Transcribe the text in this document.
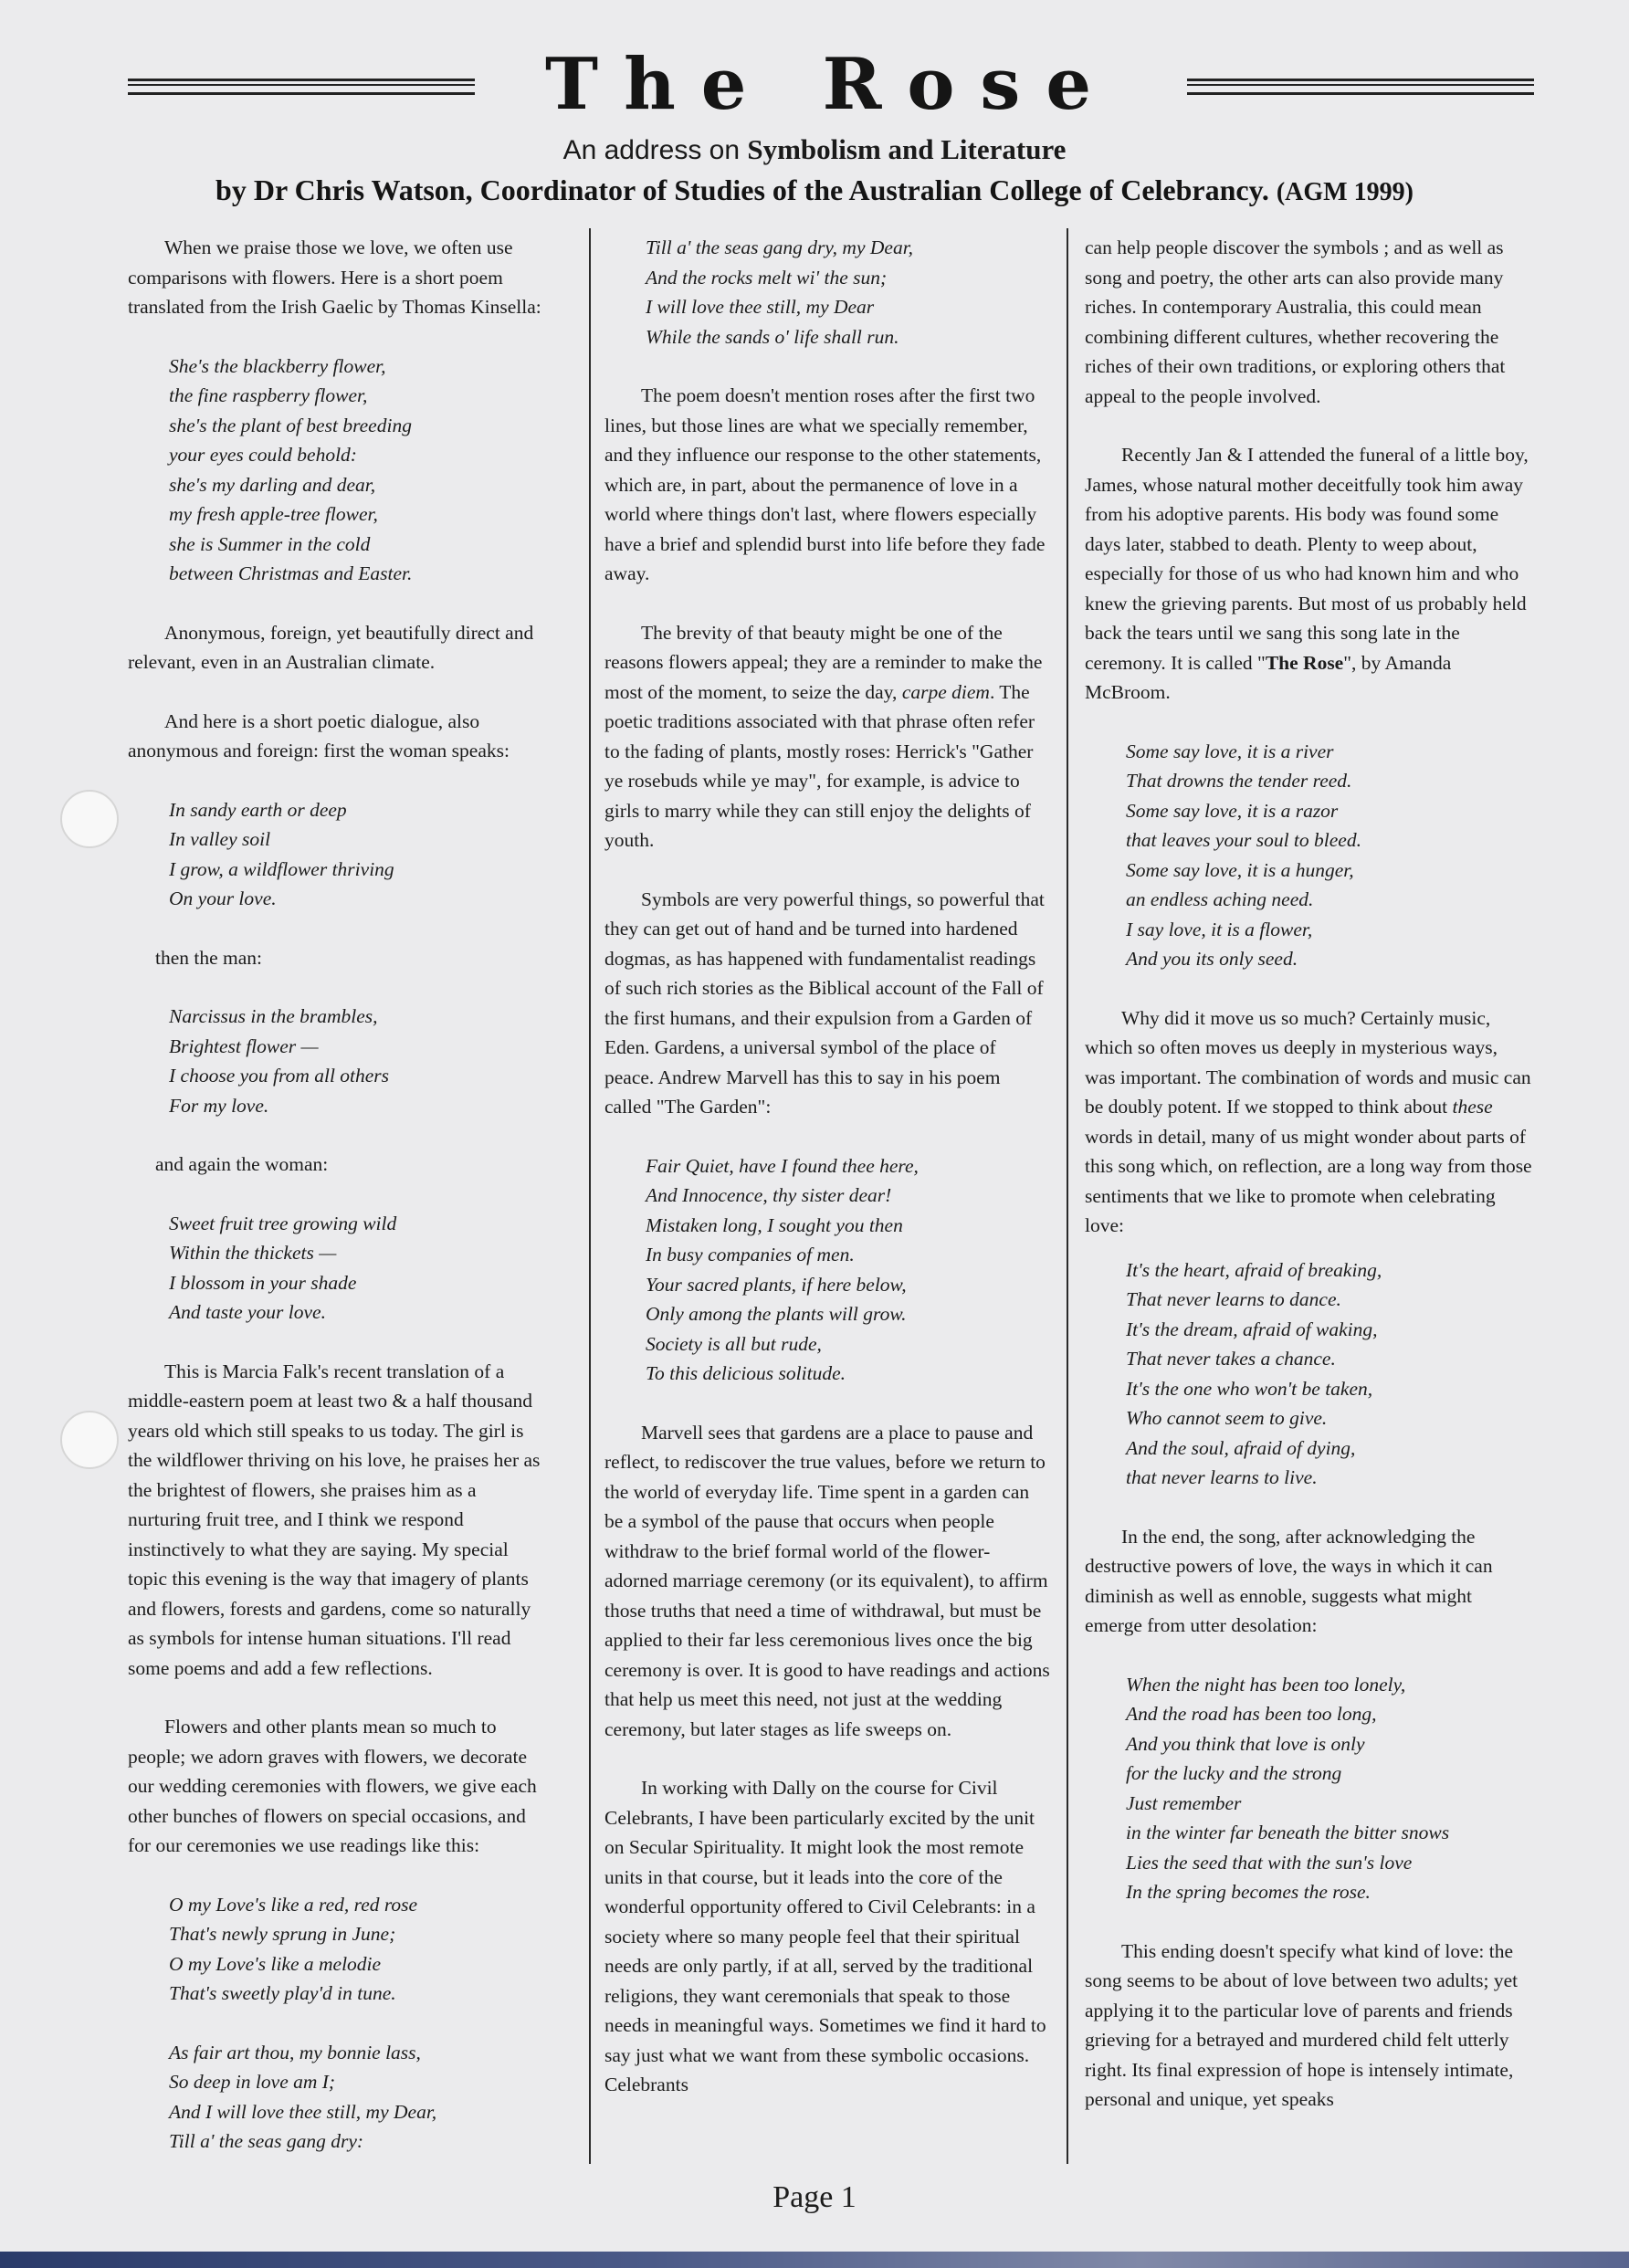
The Rose
An address on Symbolism and Literature
by Dr Chris Watson, Coordinator of Studies of the Australian College of Celebrancy. (AGM 1999)

When we praise those we love, we often use comparisons with flowers. Here is a short poem translated from the Irish Gaelic by Thomas Kinsella:

She's the blackberry flower,
the fine raspberry flower,
she's the plant of best breeding
your eyes could behold:
she's my darling and dear,
my fresh apple-tree flower,
she is Summer in the cold
between Christmas and Easter.

Anonymous, foreign, yet beautifully direct and relevant, even in an Australian climate.

And here is a short poetic dialogue, also anonymous and foreign: first the woman speaks:

In sandy earth or deep
In valley soil
I grow, a wildflower thriving
On your love.

then the man:

Narcissus in the brambles,
Brightest flower —
I choose you from all others
For my love.

and again the woman:

Sweet fruit tree growing wild
Within the thickets —
I blossom in your shade
And taste your love.

This is Marcia Falk's recent translation of a middle-eastern poem at least two & a half thousand years old which still speaks to us today. The girl is the wildflower thriving on his love, he praises her as the brightest of flowers, she praises him as a nurturing fruit tree, and I think we respond instinctively to what they are saying. My special topic this evening is the way that imagery of plants and flowers, forests and gardens, come so naturally as symbols for intense human situations. I'll read some poems and add a few reflections.

Flowers and other plants mean so much to people; we adorn graves with flowers, we decorate our wedding ceremonies with flowers, we give each other bunches of flowers on special occasions, and for our ceremonies we use readings like this:

O my Love's like a red, red rose
That's newly sprung in June;
O my Love's like a melodie
That's sweetly play'd in tune.
As fair art thou, my bonnie lass,
So deep in love am I;
And I will love thee still, my Dear,
Till a' the seas gang dry:
Till a' the seas gang dry, my Dear,
And the rocks melt wi' the sun;
I will love thee still, my Dear
While the sands o' life shall run.

The poem doesn't mention roses after the first two lines, but those lines are what we specially remember, and they influence our response to the other statements, which are, in part, about the permanence of love in a world where things don't last, where flowers especially have a brief and splendid burst into life before they fade away.

The brevity of that beauty might be one of the reasons flowers appeal; they are a reminder to make the most of the moment, to seize the day, carpe diem. The poetic traditions associated with that phrase often refer to the fading of plants, mostly roses: Herrick's "Gather ye rosebuds while ye may", for example, is advice to girls to marry while they can still enjoy the delights of youth.

Symbols are very powerful things, so powerful that they can get out of hand and be turned into hardened dogmas, as has happened with fundamentalist readings of such rich stories as the Biblical account of the Fall of the first humans, and their expulsion from a Garden of Eden. Gardens, a universal symbol of the place of peace. Andrew Marvell has this to say in his poem called "The Garden":

Fair Quiet, have I found thee here,
And Innocence, thy sister dear!
Mistaken long, I sought you then
In busy companies of men.
Your sacred plants, if here below,
Only among the plants will grow.
Society is all but rude,
To this delicious solitude.

Marvell sees that gardens are a place to pause and reflect, to rediscover the true values, before we return to the world of everyday life. Time spent in a garden can be a symbol of the pause that occurs when people withdraw to the brief formal world of the flower-adorned marriage ceremony (or its equivalent), to affirm those truths that need a time of withdrawal, but must be applied to their far less ceremonious lives once the big ceremony is over. It is good to have readings and actions that help us meet this need, not just at the wedding ceremony, but later stages as life sweeps on.

In working with Dally on the course for Civil Celebrants, I have been particularly excited by the unit on Secular Spirituality. It might look the most remote units in that course, but it leads into the core of the wonderful opportunity offered to Civil Celebrants: in a society where so many people feel that their spiritual needs are only partly, if at all, served by the traditional religions, they want ceremonials that speak to those needs in meaningful ways. Sometimes we find it hard to say just what we want from these symbolic occasions. Celebrants

can help people discover the symbols ; and as well as song and poetry, the other arts can also provide many riches. In contemporary Australia, this could mean combining different cultures, whether recovering the riches of their own traditions, or exploring others that appeal to the people involved.

Recently Jan & I attended the funeral of a little boy, James, whose natural mother deceitfully took him away from his adoptive parents. His body was found some days later, stabbed to death. Plenty to weep about, especially for those of us who had known him and who knew the grieving parents. But most of us probably held back the tears until we sang this song late in the ceremony. It is called "The Rose", by Amanda McBroom.

Some say love, it is a river
That drowns the tender reed.
Some say love, it is a razor
that leaves your soul to bleed.
Some say love, it is a hunger,
an endless aching need.
I say love, it is a flower,
And you its only seed.

Why did it move us so much? Certainly music, which so often moves us deeply in mysterious ways, was important. The combination of words and music can be doubly potent. If we stopped to think about these words in detail, many of us might wonder about parts of this song which, on reflection, are a long way from those sentiments that we like to promote when celebrating love:

It's the heart, afraid of breaking,
That never learns to dance.
It's the dream, afraid of waking,
That never takes a chance.
It's the one who won't be taken,
Who cannot seem to give.
And the soul, afraid of dying,
that never learns to live.

In the end, the song, after acknowledging the destructive powers of love, the ways in which it can diminish as well as ennoble, suggests what might emerge from utter desolation:

When the night has been too lonely,
And the road has been too long,
And you think that love is only
for the lucky and the strong
Just remember
in the winter far beneath the bitter snows
Lies the seed that with the sun's love
In the spring becomes the rose.

This ending doesn't specify what kind of love: the song seems to be about of love between two adults; yet applying it to the particular love of parents and friends grieving for a betrayed and murdered child felt utterly right. Its final expression of hope is intensely intimate, personal and unique, yet speaks

Page 1
